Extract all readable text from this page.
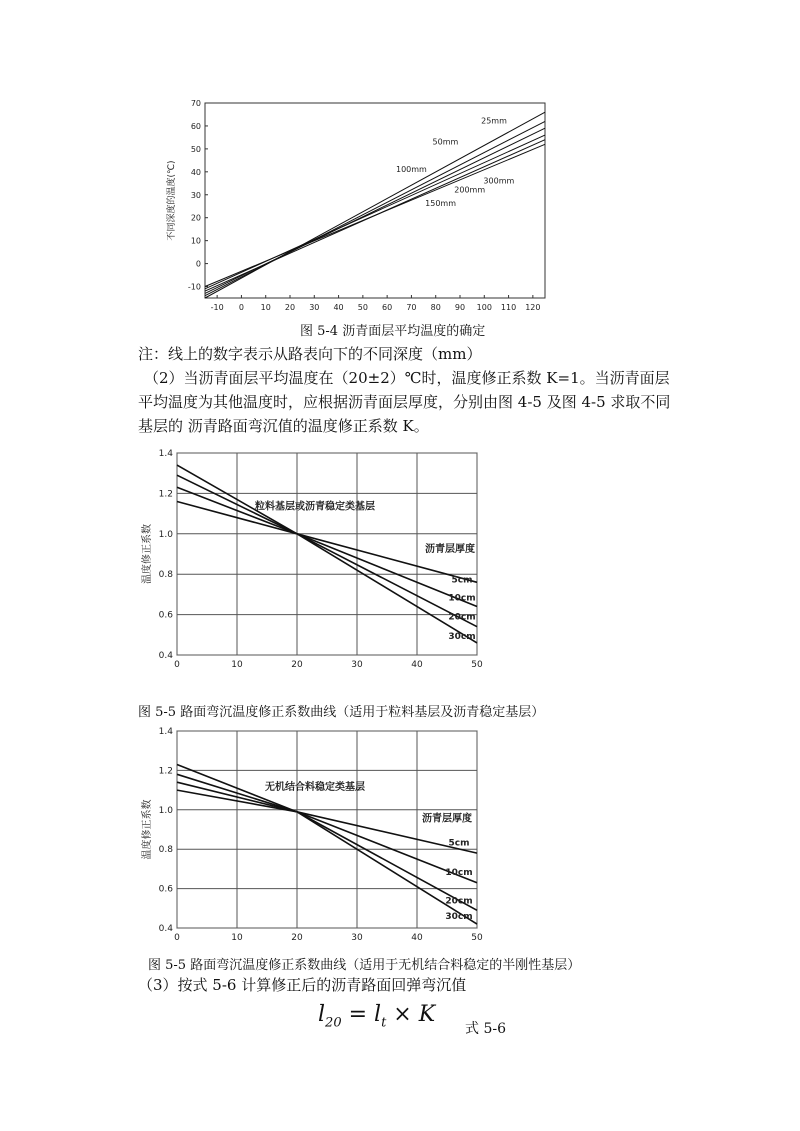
-10 0 10 20 30 40 50 60 70 80 90 100 110 120
-10
0
10
20
30
40
50
60
70
不同深度的温度(℃)
25mm
50mm
100mm
300mm
200mm
150mm
图 5-4 沥青面层平均温度的确定
注：线上的数字表示从路表向下的不同深度（mm）
（2）当沥青面层平均温度在（20±2）℃时，温度修正系数 K=1。当沥青面层平均温度为其他温度时，应根据沥青面层厚度，分别由图 4-5 及图 4-5 求取不同基层的 沥青路面弯沉值的温度修正系数 K。
0	10	20	30	40	50
0.4
0.6
0.8
1.0
1.2
1.4
温度修正系数	5cm
10cm
20cm
30cm
粒料基层或沥青稳定类基层
沥青层厚度
图 5-5 路面弯沉温度修正系数曲线（适用于粒料基层及沥青稳定基层）
0	10	20	30	40	50
0.4
0.6
0.8
1.0
1.2
1.4
温度修正系数	5cm
10cm
20cm
30cm
无机结合料稳定类基层
沥青层厚度
图 5-5 路面弯沉温度修正系数曲线（适用于无机结合料稳定的半刚性基层）
（3）按式 5-6 计算修正后的沥青路面回弹弯沉值
$l_{20} = l_t \times K$
式 5-6
